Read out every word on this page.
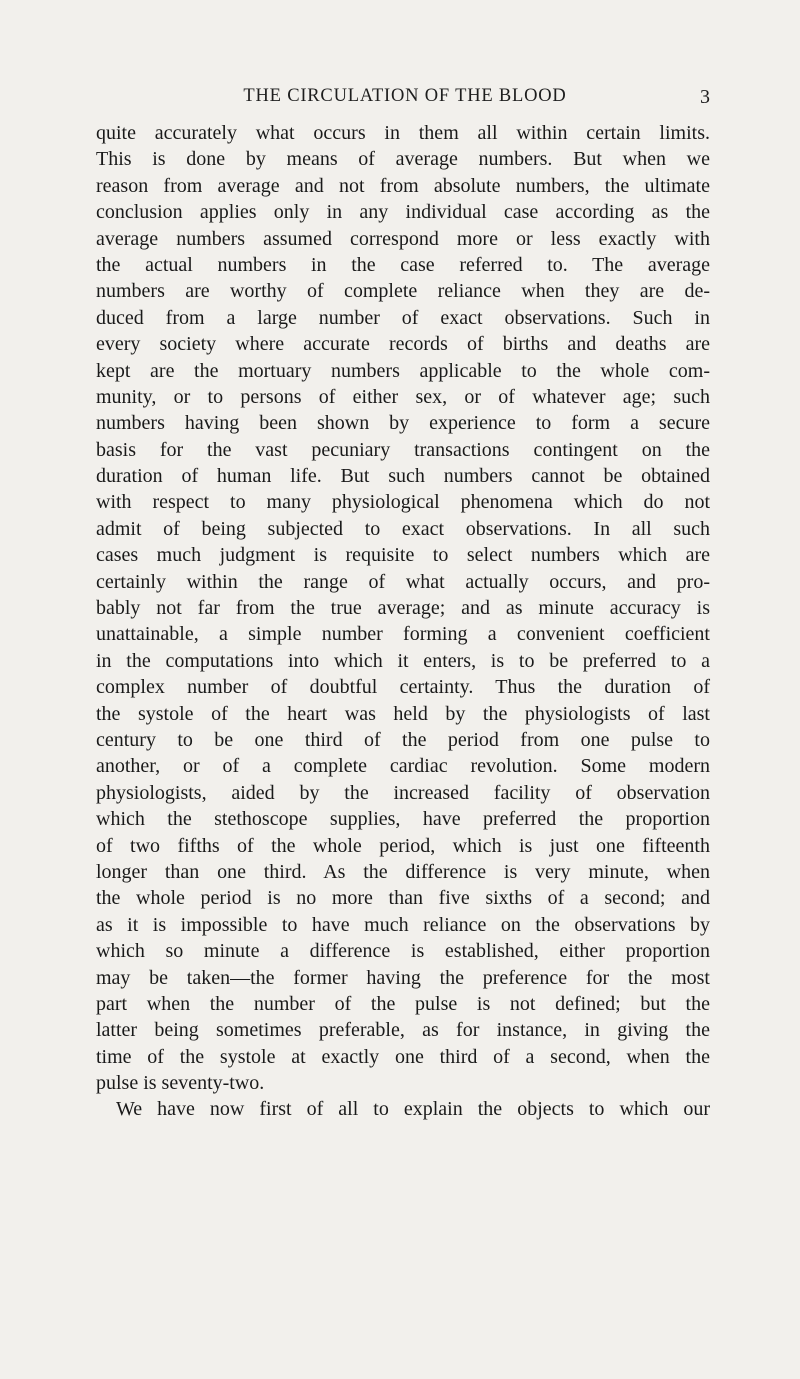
THE CIRCULATION OF THE BLOOD	3
quite accurately what occurs in them all within certain limits.
This is done by means of average numbers. But when we
reason from average and not from absolute numbers, the ultimate
conclusion applies only in any individual case according as the
average numbers assumed correspond more or less exactly with
the actual numbers in the case referred to. The average
numbers are worthy of complete reliance when they are de-
duced from a large number of exact observations. Such in
every society where accurate records of births and deaths are
kept are the mortuary numbers applicable to the whole com-
munity, or to persons of either sex, or of whatever age; such
numbers having been shown by experience to form a secure
basis for the vast pecuniary transactions contingent on the
duration of human life. But such numbers cannot be obtained
with respect to many physiological phenomena which do not
admit of being subjected to exact observations. In all such
cases much judgment is requisite to select numbers which are
certainly within the range of what actually occurs, and pro-
bably not far from the true average; and as minute accuracy is
unattainable, a simple number forming a convenient coefficient
in the computations into which it enters, is to be preferred to a
complex number of doubtful certainty. Thus the duration of
the systole of the heart was held by the physiologists of last
century to be one third of the period from one pulse to
another, or of a complete cardiac revolution. Some modern
physiologists, aided by the increased facility of observation
which the stethoscope supplies, have preferred the proportion
of two fifths of the whole period, which is just one fifteenth
longer than one third. As the difference is very minute, when
the whole period is no more than five sixths of a second; and
as it is impossible to have much reliance on the observations by
which so minute a difference is established, either proportion
may be taken—the former having the preference for the most
part when the number of the pulse is not defined; but the
latter being sometimes preferable, as for instance, in giving the
time of the systole at exactly one third of a second, when the
pulse is seventy-two.
We have now first of all to explain the objects to which our
